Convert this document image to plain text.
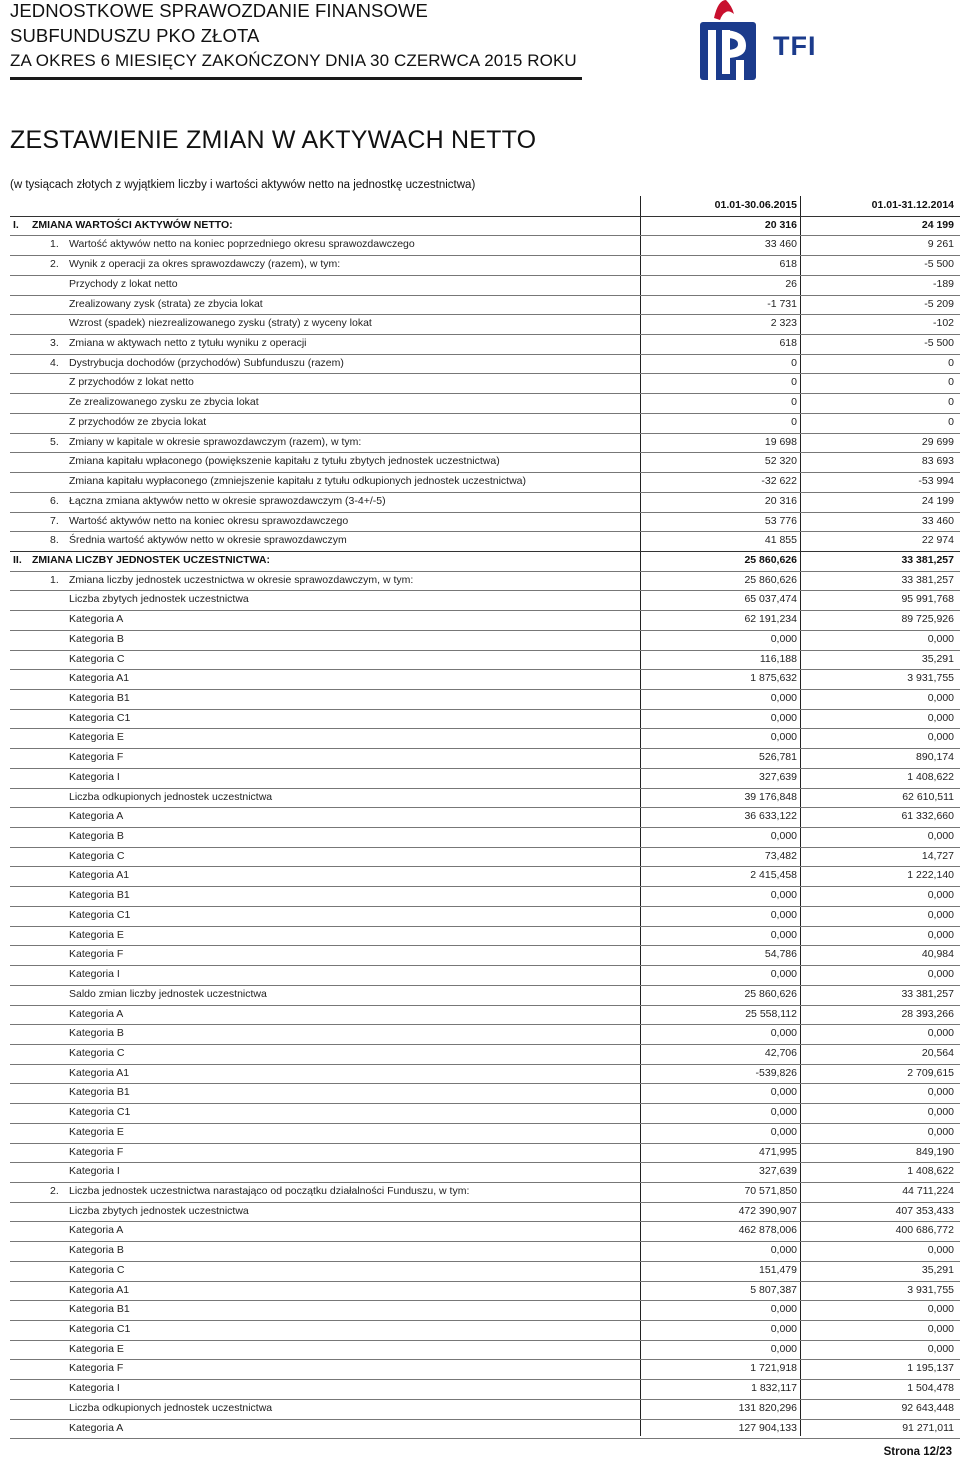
JEDNOSTKOWE SPRAWOZDANIE FINANSOWE
SUBFUNDUSZU PKO ZŁOTA
ZA OKRES 6 MIESIĘCY ZAKOŃCZONY DNIA 30 CZERWCA 2015 ROKU	TFI
ZESTAWIENIE ZMIAN W AKTYWACH NETTO
(w tysiącach złotych z wyjątkiem liczby i wartości aktywów netto na jednostkę uczestnictwa)
01.01-30.06.2015	01.01-31.12.2014
I. ZMIANA WARTOŚCI AKTYWÓW NETTO:	20 316	24 199
1. Wartość aktywów netto na koniec poprzedniego okresu sprawozdawczego	33 460	9 261
2. Wynik z operacji za okres sprawozdawczy (razem), w tym:	618	-5 500
Przychody z lokat netto	26	-189
Zrealizowany zysk (strata) ze zbycia lokat	-1 731	-5 209
Wzrost (spadek) niezrealizowanego zysku (straty) z wyceny lokat	2 323	-102
3. Zmiana w aktywach netto z tytułu wyniku z operacji	618	-5 500
4. Dystrybucja dochodów (przychodów) Subfunduszu (razem)	0	0
Z przychodów z lokat netto	0	0
Ze zrealizowanego zysku ze zbycia lokat	0	0
Z przychodów ze zbycia lokat	0	0
5. Zmiany w kapitale w okresie sprawozdawczym (razem), w tym:	19 698	29 699
Zmiana kapitału wpłaconego (powiększenie kapitału z tytułu zbytych jednostek uczestnictwa)	52 320	83 693
Zmiana kapitału wypłaconego (zmniejszenie kapitału z tytułu odkupionych jednostek uczestnictwa)	-32 622	-53 994
6. Łączna zmiana aktywów netto w okresie sprawozdawczym (3-4+/-5)	20 316	24 199
7. Wartość aktywów netto na koniec okresu sprawozdawczego	53 776	33 460
8. Średnia wartość aktywów netto w okresie sprawozdawczym	41 855	22 974
II. ZMIANA LICZBY JEDNOSTEK UCZESTNICTWA:	25 860,626	33 381,257
1. Zmiana liczby jednostek uczestnictwa w okresie sprawozdawczym, w tym:	25 860,626	33 381,257
Liczba zbytych jednostek uczestnictwa	65 037,474	95 991,768
Kategoria A	62 191,234	89 725,926
Kategoria B	0,000	0,000
Kategoria C	116,188	35,291
Kategoria A1	1 875,632	3 931,755
Kategoria B1	0,000	0,000
Kategoria C1	0,000	0,000
Kategoria E	0,000	0,000
Kategoria F	526,781	890,174
Kategoria I	327,639	1 408,622
Liczba odkupionych jednostek uczestnictwa	39 176,848	62 610,511
Kategoria A	36 633,122	61 332,660
Kategoria B	0,000	0,000
Kategoria C	73,482	14,727
Kategoria A1	2 415,458	1 222,140
Kategoria B1	0,000	0,000
Kategoria C1	0,000	0,000
Kategoria E	0,000	0,000
Kategoria F	54,786	40,984
Kategoria I	0,000	0,000
Saldo zmian liczby jednostek uczestnictwa	25 860,626	33 381,257
Kategoria A	25 558,112	28 393,266
Kategoria B	0,000	0,000
Kategoria C	42,706	20,564
Kategoria A1	-539,826	2 709,615
Kategoria B1	0,000	0,000
Kategoria C1	0,000	0,000
Kategoria E	0,000	0,000
Kategoria F	471,995	849,190
Kategoria I	327,639	1 408,622
2. Liczba jednostek uczestnictwa narastająco od początku działalności Funduszu, w tym:	70 571,850	44 711,224
Liczba zbytych jednostek uczestnictwa	472 390,907	407 353,433
Kategoria A	462 878,006	400 686,772
Kategoria B	0,000	0,000
Kategoria C	151,479	35,291
Kategoria A1	5 807,387	3 931,755
Kategoria B1	0,000	0,000
Kategoria C1	0,000	0,000
Kategoria E	0,000	0,000
Kategoria F	1 721,918	1 195,137
Kategoria I	1 832,117	1 504,478
Liczba odkupionych jednostek uczestnictwa	131 820,296	92 643,448
Kategoria A	127 904,133	91 271,011
Strona 12/23
